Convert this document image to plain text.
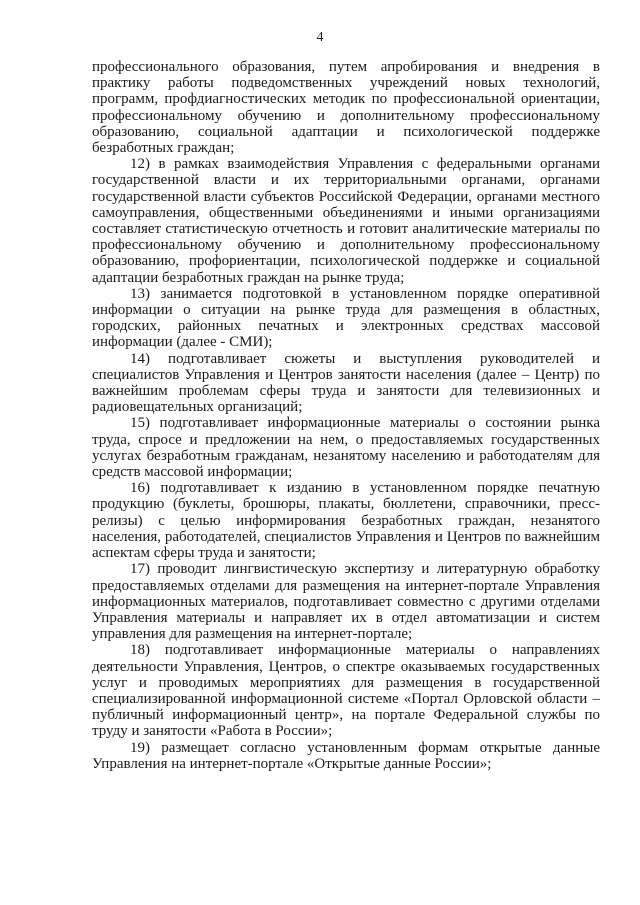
4

профессионального образования, путем апробирования и внедрения в практику работы подведомственных учреждений новых технологий, программ, профдиагностических методик по профессиональной ориентации, профессиональному обучению и дополнительному профессиональному образованию, социальной адаптации и психологической поддержке безработных граждан;

12) в рамках взаимодействия Управления с федеральными органами государственной власти и их территориальными органами, органами государственной власти субъектов Российской Федерации, органами местного самоуправления, общественными объединениями и иными организациями составляет статистическую отчетность и готовит аналитические материалы по профессиональному обучению и дополнительному профессиональному образованию, профориентации, психологической поддержке и социальной адаптации безработных граждан на рынке труда;

13) занимается подготовкой в установленном порядке оперативной информации о ситуации на рынке труда для размещения в областных, городских, районных печатных и электронных средствах массовой информации (далее - СМИ);

14) подготавливает сюжеты и выступления руководителей и специалистов Управления и Центров занятости населения (далее – Центр) по важнейшим проблемам сферы труда и занятости для телевизионных и радиовещательных организаций;

15) подготавливает информационные материалы о состоянии рынка труда, спросе и предложении на нем, о предоставляемых государственных услугах безработным гражданам, незанятому населению и работодателям для средств массовой информации;

16) подготавливает к изданию в установленном порядке печатную продукцию (буклеты, брошюры, плакаты, бюллетени, справочники, пресс-релизы) с целью информирования безработных граждан, незанятого населения, работодателей, специалистов Управления и Центров по важнейшим аспектам сферы труда и занятости;

17) проводит лингвистическую экспертизу и литературную обработку предоставляемых отделами для размещения на интернет-портале Управления информационных материалов, подготавливает совместно с другими отделами Управления материалы и направляет их в отдел автоматизации и систем управления для размещения на интернет-портале;

18) подготавливает информационные материалы о направлениях деятельности Управления, Центров, о спектре оказываемых государственных услуг и проводимых мероприятиях для размещения в государственной специализированной информационной системе «Портал Орловской области – публичный информационный центр», на портале Федеральной службы по труду и занятости «Работа в России»;

19) размещает согласно установленным формам открытые данные Управления на интернет-портале «Открытые данные России»;
